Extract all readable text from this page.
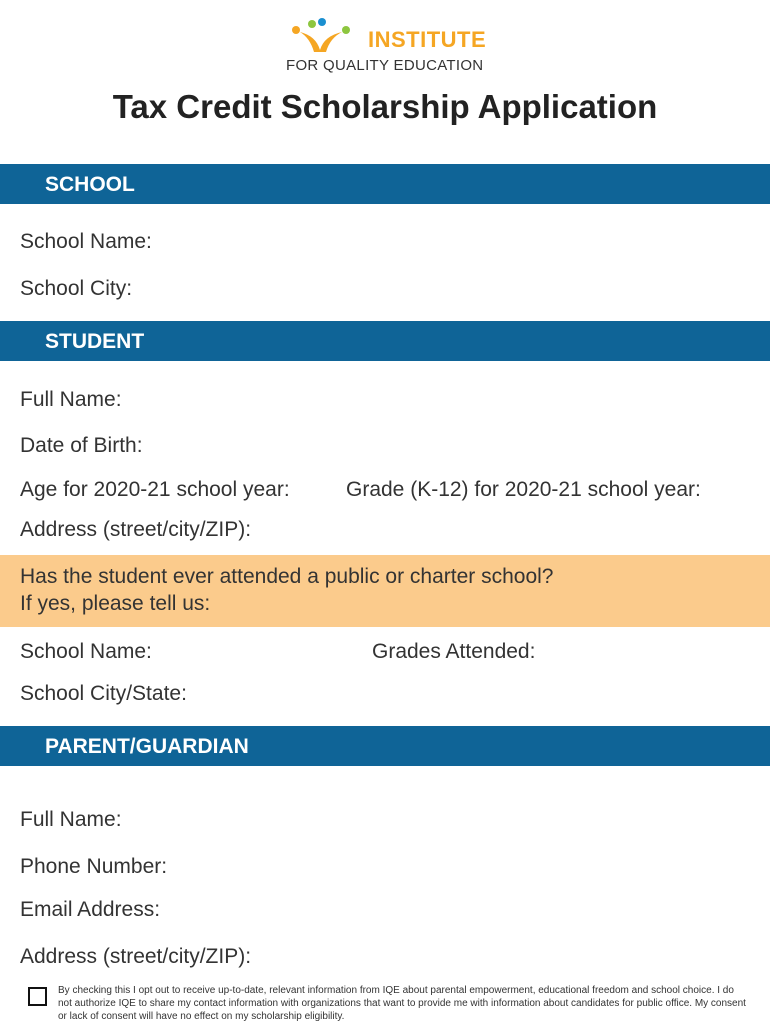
INSTITUTE
FOR QUALITY EDUCATION
Tax Credit Scholarship Application
SCHOOL
School Name:
School City:
STUDENT
Full Name:
Date of Birth:
Age for 2020-21 school year:	Grade (K-12) for 2020-21 school year:
Address (street/city/ZIP):
Has the student ever attended a public or charter school?
If yes, please tell us:
School Name:	Grades Attended:
School City/State:
PARENT/GUARDIAN
Full Name:
Phone Number:
Email Address:
Address (street/city/ZIP):
By checking this I opt out to receive up-to-date, relevant information from IQE about parental empowerment, educational freedom and school choice. I do not authorize IQE to share my contact information with organizations that want to provide me with information about candidates for public office. My consent or lack of consent will have no effect on my scholarship eligibility.
